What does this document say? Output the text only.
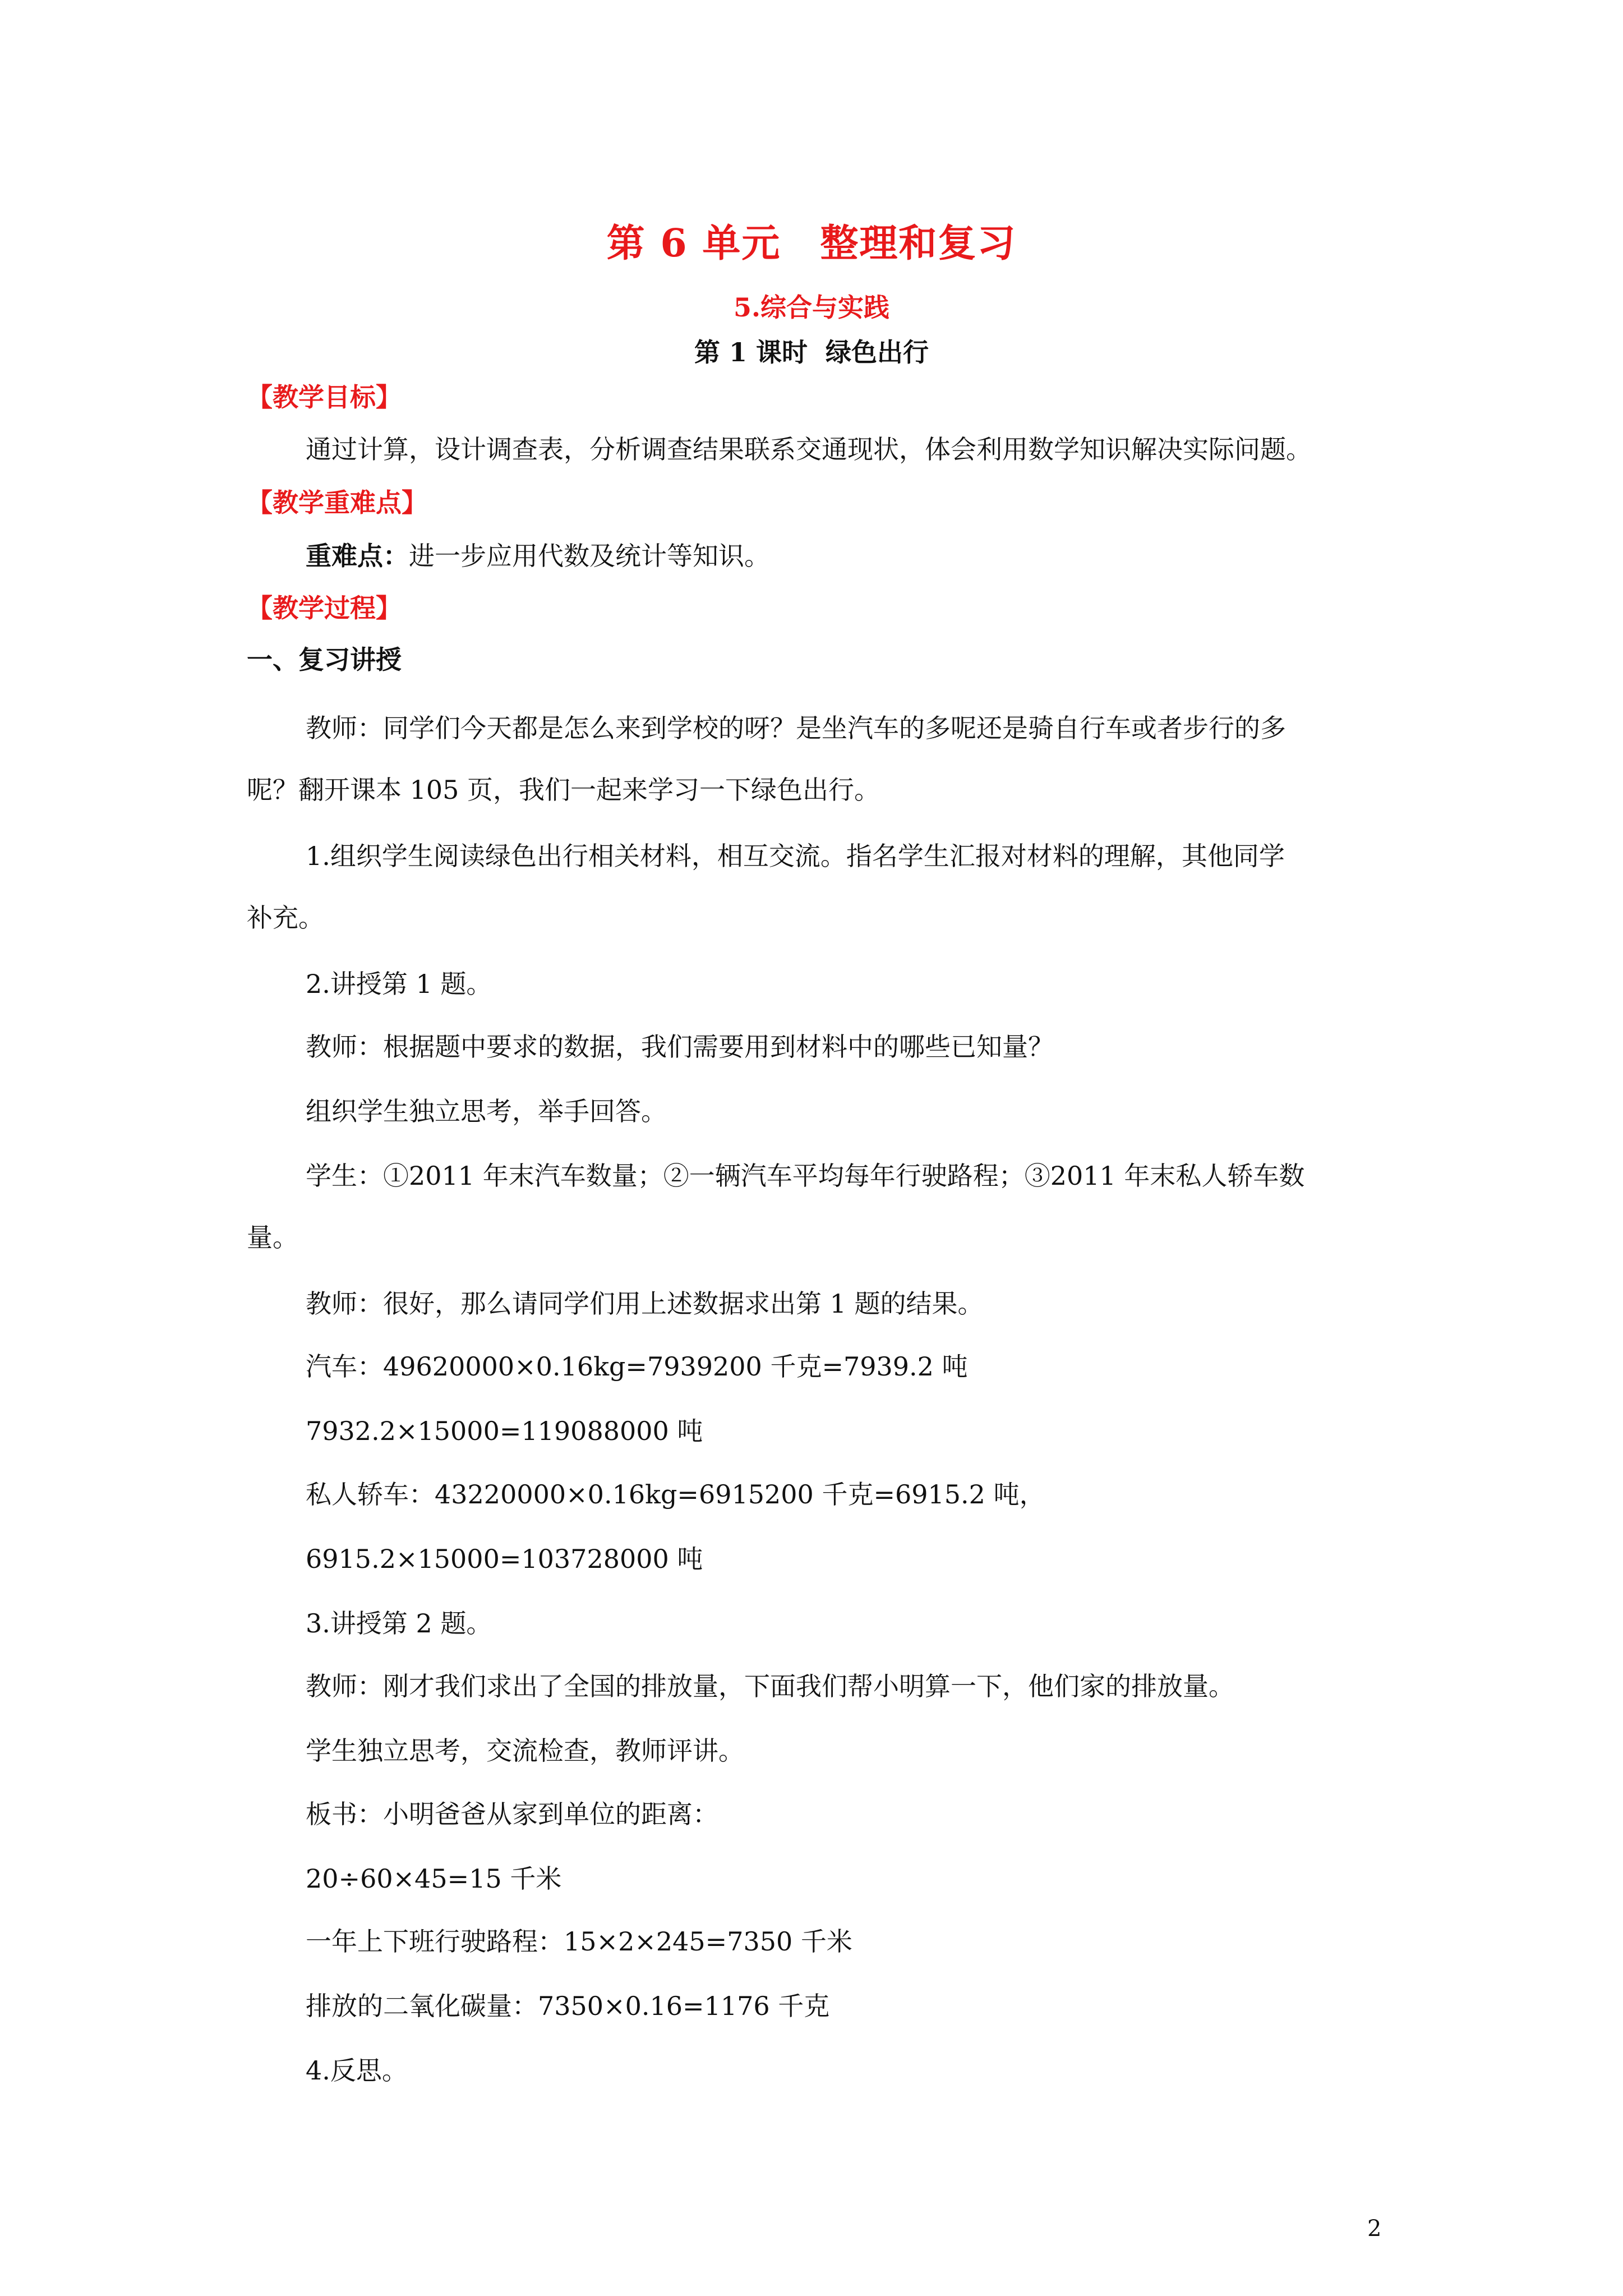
第 6 单元　整理和复习
5.综合与实践
第 1 课时  绿色出行
【教学目标】
通过计算，设计调查表，分析调查结果联系交通现状，体会利用数学知识解决实际问题。
【教学重难点】
重难点：进一步应用代数及统计等知识。
【教学过程】
一、复习讲授
教师：同学们今天都是怎么来到学校的呀？是坐汽车的多呢还是骑自行车或者步行的多
呢？翻开课本 105 页，我们一起来学习一下绿色出行。
1.组织学生阅读绿色出行相关材料，相互交流。指名学生汇报对材料的理解，其他同学
补充。
2.讲授第 1 题。
教师：根据题中要求的数据，我们需要用到材料中的哪些已知量？
组织学生独立思考，举手回答。
学生：①2011 年末汽车数量；②一辆汽车平均每年行驶路程；③2011 年末私人轿车数
量。
教师：很好，那么请同学们用上述数据求出第 1 题的结果。
汽车：49620000×0.16kg=7939200 千克=7939.2 吨
7932.2×15000=119088000 吨
私人轿车：43220000×0.16kg=6915200 千克=6915.2 吨，
6915.2×15000=103728000 吨
3.讲授第 2 题。
教师：刚才我们求出了全国的排放量，下面我们帮小明算一下，他们家的排放量。
学生独立思考，交流检查，教师评讲。
板书：小明爸爸从家到单位的距离：
20÷60×45=15 千米
一年上下班行驶路程：15×2×245=7350 千米
排放的二氧化碳量：7350×0.16=1176 千克
4.反思。
2
